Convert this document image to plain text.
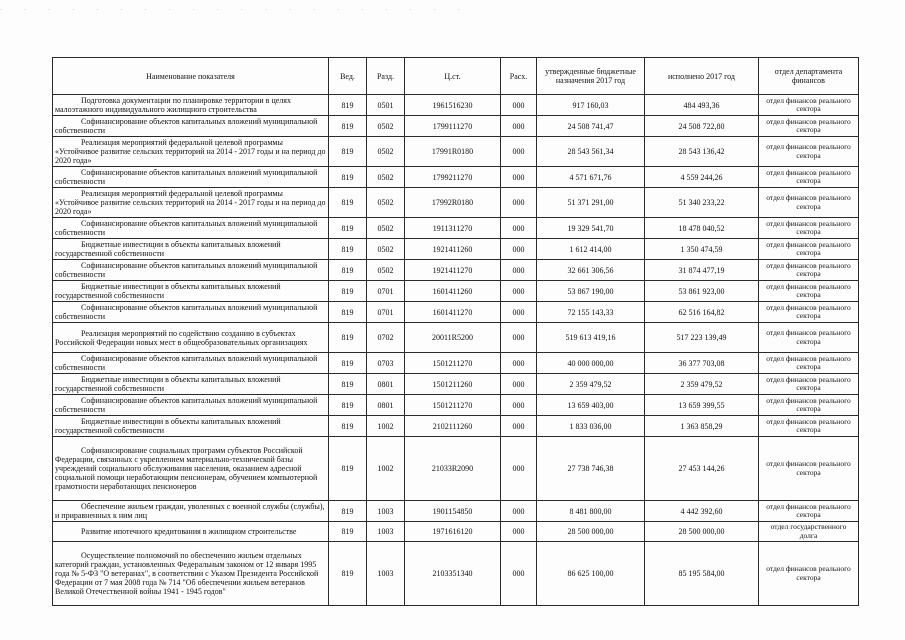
· · · · · · · · · · · · · · · · · · · ·
Наименование показателя	Вед.	Разд.	Ц.ст.	Расх.	утвержденные бюджетные назначения 2017 год	исполнено 2017 год	отдел департамента финансов

Подготовка документации по планировке территории в целях малоэтажного индивидуального жилищного строительства	819	0501	1961516230	000	917 160,03	484 493,36	отдел финансов реального сектора

Софинансирование объектов капитальных вложений муниципальной собственности	819	0502	1799111270	000	24 508 741,47	24 508 722,80	отдел финансов реального сектора

Реализация мероприятий федеральной целевой программы «Устойчивое развитие сельских территорий на 2014 - 2017 годы и на период до 2020 года»	819	0502	17991R0180	000	28 543 561,34	28 543 136,42	отдел финансов реального сектора

Софинансирование объектов капитальных вложений муниципальной собственности	819	0502	1799211270	000	4 571 671,76	4 559 244,26	отдел финансов реального сектора

Реализация мероприятий федеральной целевой программы «Устойчивое развитие сельских территорий на 2014 - 2017 годы и на период до 2020 года»	819	0502	17992R0180	000	51 371 291,00	51 340 233,22	отдел финансов реального сектора

Софинансирование объектов капитальных вложений муниципальной собственности	819	0502	1911311270	000	19 329 541,70	18 478 040,52	отдел финансов реального сектора

Бюджетные инвестиции в объекты капитальных вложений государственной собственности	819	0502	1921411260	000	1 612 414,00	1 350 474,59	отдел финансов реального сектора

Софинансирование объектов капитальных вложений муниципальной собственности	819	0502	1921411270	000	32 661 306,56	31 874 477,19	отдел финансов реального сектора

Бюджетные инвестиции в объекты капитальных вложений государственной собственности	819	0701	1601411260	000	53 867 190,00	53 861 923,00	отдел финансов реального сектора

Софинансирование объектов капитальных вложений муниципальной собственности	819	0701	1601411270	000	72 155 143,33	62 516 164,82	отдел финансов реального сектора

Реализация мероприятий по содействию созданию в субъектах Российской Федерации новых мест в общеобразовательных организациях	819	0702	20011R5200	000	519 613 419,16	517 223 139,49	отдел финансов реального сектора

Софинансирование объектов капитальных вложений муниципальной собственности	819	0703	1501211270	000	40 000 000,00	36 377 703,08	отдел финансов реального сектора

Бюджетные инвестиции в объекты капитальных вложений государственной собственности	819	0801	1501211260	000	2 359 479,52	2 359 479,52	отдел финансов реального сектора

Софинансирование объектов капитальных вложений муниципальной собственности	819	0801	1501211270	000	13 659 403,00	13 659 399,55	отдел финансов реального сектора

Бюджетные инвестиции в объекты капитальных вложений государственной собственности	819	1002	2102111260	000	1 833 036,00	1 363 858,29	отдел финансов реального сектора

Софинансирование социальных программ субъектов Российской Федерации, связанных с укреплением материально-технической базы учреждений социального обслуживания населения, оказанием адресной социальной помощи неработающим пенсионерам, обучением компьютерной грамотности неработающих пенсионеров	819	1002	21033R2090	000	27 738 746,38	27 453 144,26	отдел финансов реального сектора

Обеспечение жильем граждан, уволенных с военной службы (службы), и приравненных к ним лиц	819	1003	1901154850	000	8 481 800,00	4 442 392,60	отдел финансов реального сектора

Развитие ипотечного кредитования в жилищном строительстве	819	1003	1971616120	000	28 500 000,00	28 500 000,00	отдел государственного долга

Осуществление полномочий по обеспечению жильем отдельных категорий граждан, установленных Федеральным законом от 12 января 1995 года № 5-ФЗ "О ветеранах", в соответствии с Указом Президента Российской Федерации от 7 мая 2008 года № 714 "Об обеспечении жильем ветеранов Великой Отечественной войны 1941 - 1945 годов"	819	1003	2103351340	000	86 625 100,00	85 195 584,00	отдел финансов реального сектора
